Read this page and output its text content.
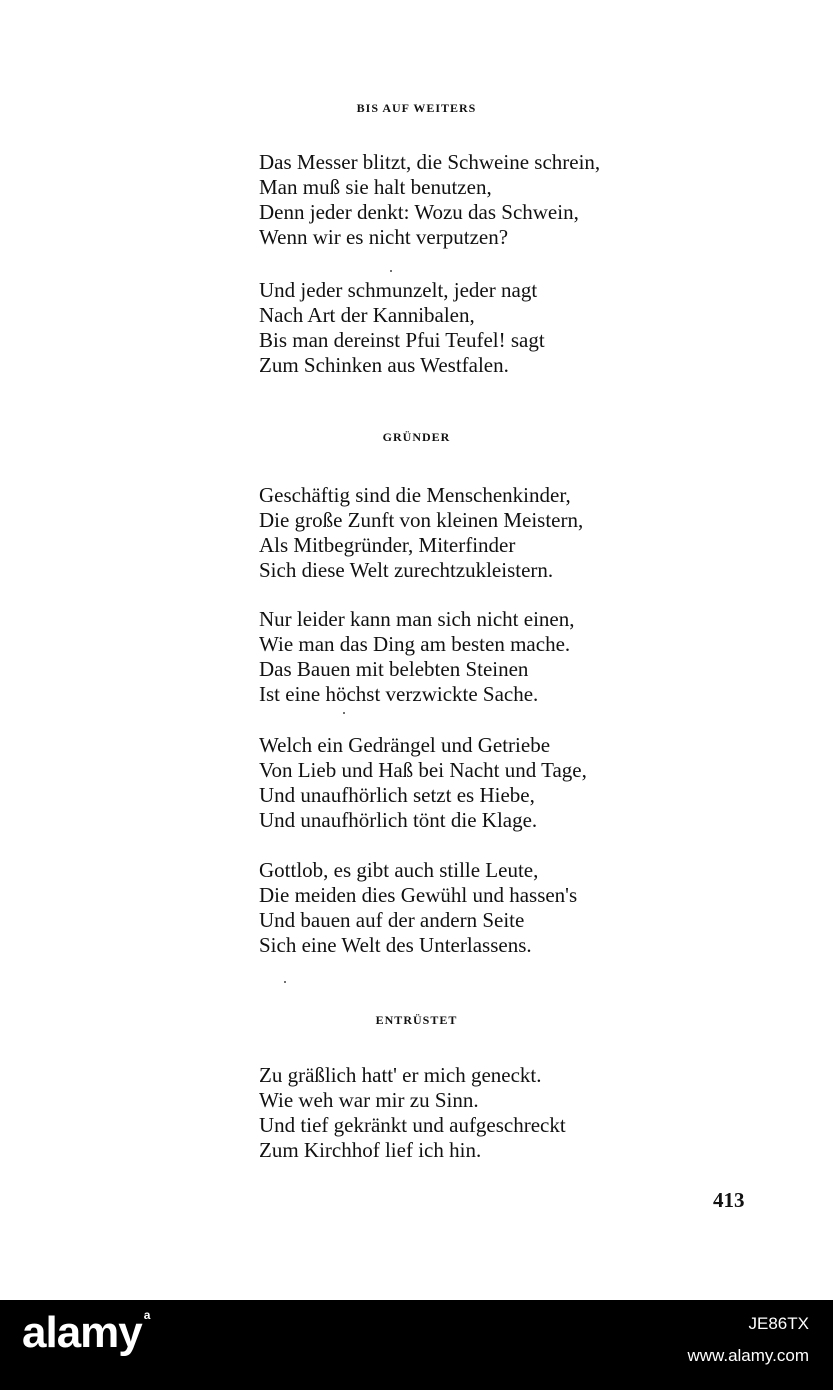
BIS AUF WEITERS
Das Messer blitzt, die Schweine schrein,
Man muß sie halt benutzen,
Denn jeder denkt: Wozu das Schwein,
Wenn wir es nicht verputzen?
Und jeder schmunzelt, jeder nagt
Nach Art der Kannibalen,
Bis man dereinst Pfui Teufel! sagt
Zum Schinken aus Westfalen.
GRÜNDER
Geschäftig sind die Menschenkinder,
Die große Zunft von kleinen Meistern,
Als Mitbegründer, Miterfinder
Sich diese Welt zurechtzukleistern.
Nur leider kann man sich nicht einen,
Wie man das Ding am besten mache.
Das Bauen mit belebten Steinen
Ist eine höchst verzwickte Sache.
Welch ein Gedrängel und Getriebe
Von Lieb und Haß bei Nacht und Tage,
Und unaufhörlich setzt es Hiebe,
Und unaufhörlich tönt die Klage.
Gottlob, es gibt auch stille Leute,
Die meiden dies Gewühl und hassen's
Und bauen auf der andern Seite
Sich eine Welt des Unterlassens.
ENTRÜSTET
Zu gräßlich hatt' er mich geneckt.
Wie weh war mir zu Sinn.
Und tief gekränkt und aufgeschreckt
Zum Kirchhof lief ich hin.
413
alamy $^a$	JE86TX
www.alamy.com
